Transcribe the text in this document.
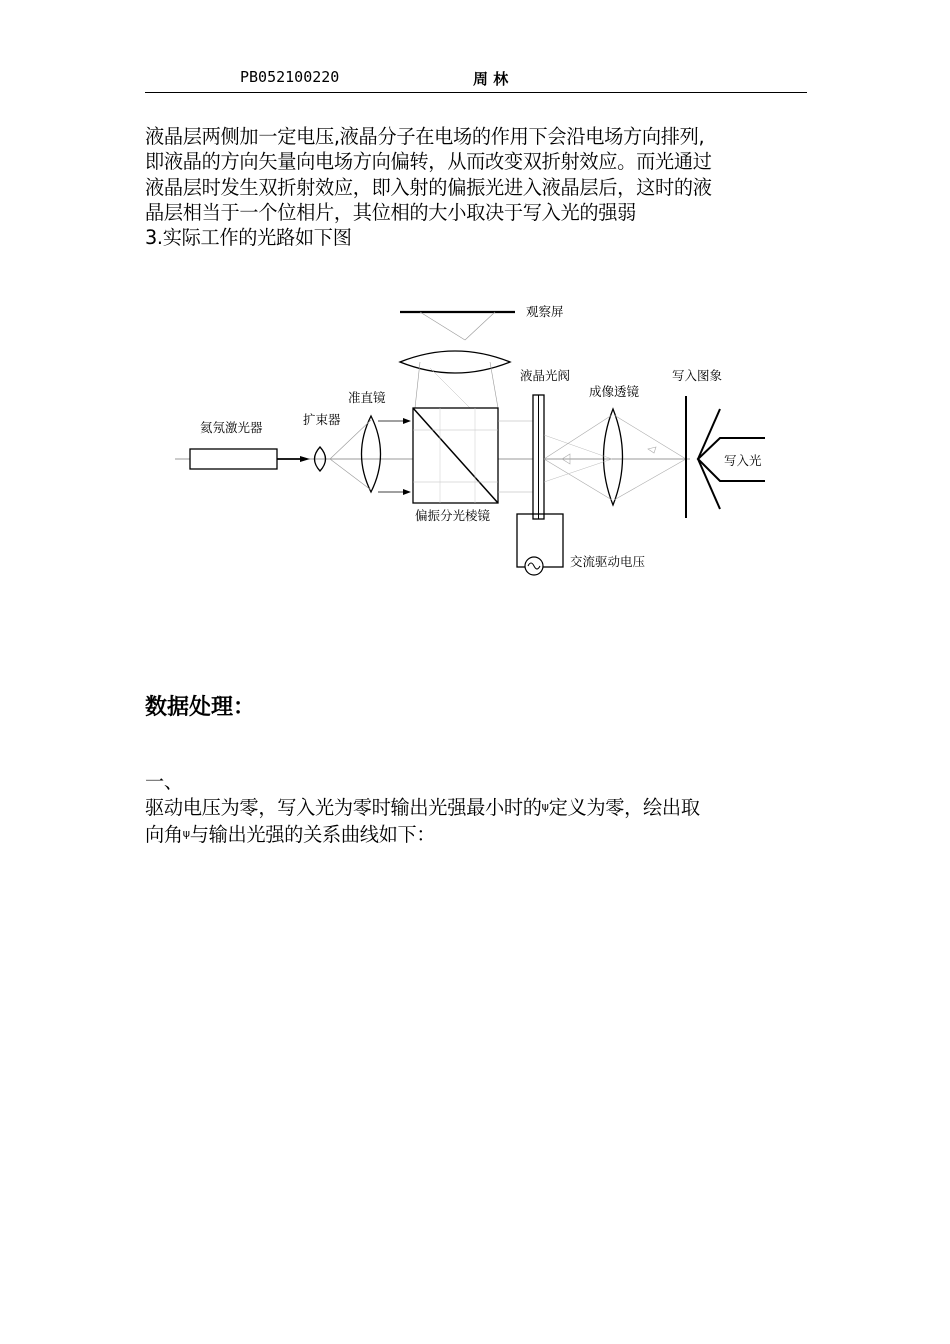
PB052100220	周 林
液晶层两侧加一定电压,液晶分子在电场的作用下会沿电场方向排列,
即液晶的方向矢量向电场方向偏转，从而改变双折射效应。而光通过
液晶层时发生双折射效应，即入射的偏振光进入液晶层后，这时的液
晶层相当于一个位相片，其位相的大小取决于写入光的强弱
3.实际工作的光路如下图
观察屏
氦氖激光器
扩束器
准直镜
偏振分光棱镜
液晶光阀
交流驱动电压
成像透镜
写入图象
写入光
数据处理：
一、
驱动电压为零，写入光为零时输出光强最小时的$^\psi$定义为零，绘出取
向角$^\psi$与输出光强的关系曲线如下：
